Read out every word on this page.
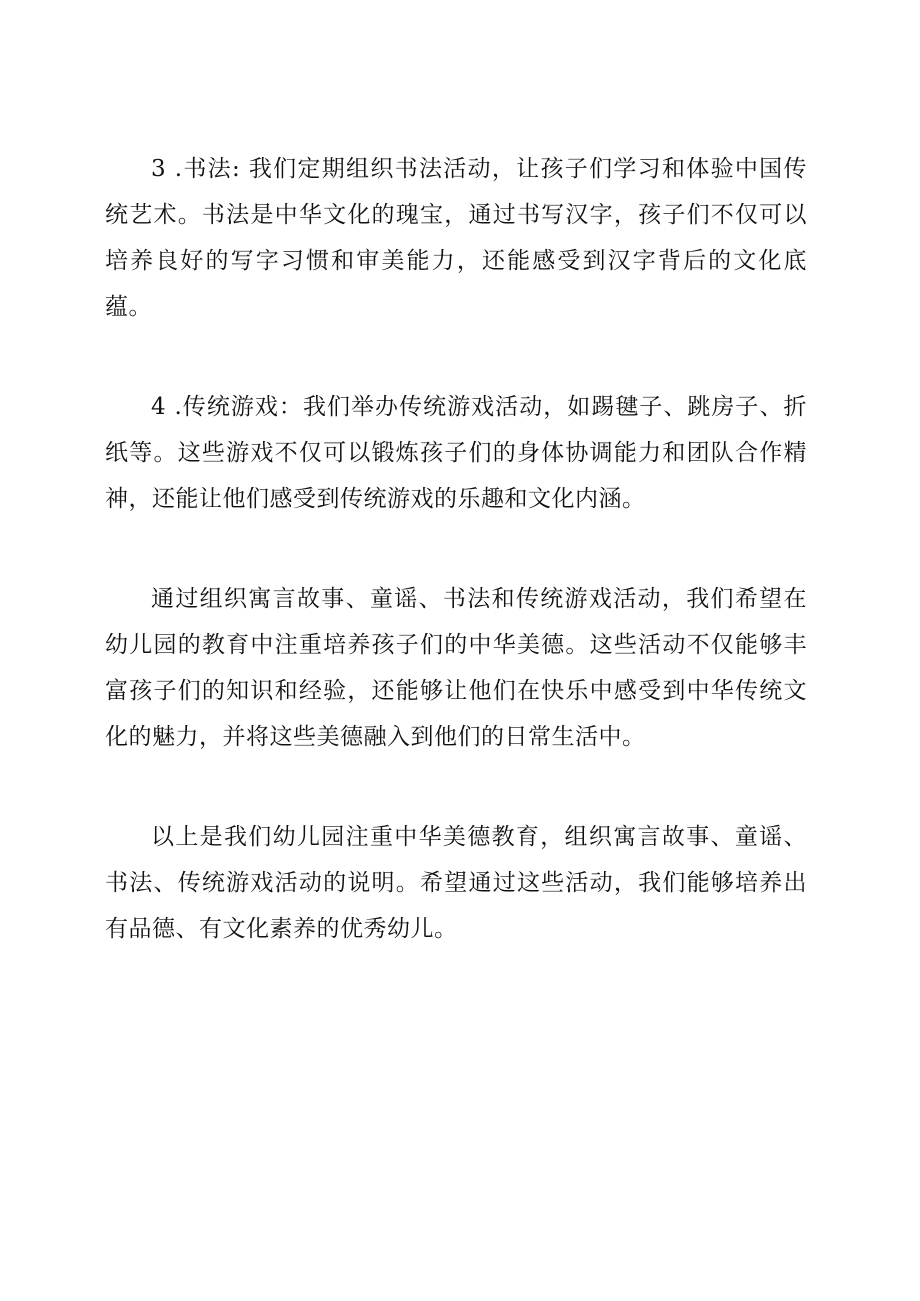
3 .书法: 我们定期组织书法活动，让孩子们学习和体验中国传统艺术。书法是中华文化的瑰宝，通过书写汉字，孩子们不仅可以培养良好的写字习惯和审美能力，还能感受到汉字背后的文化底蕴。

4 .传统游戏：我们举办传统游戏活动，如踢毽子、跳房子、折纸等。这些游戏不仅可以锻炼孩子们的身体协调能力和团队合作精神，还能让他们感受到传统游戏的乐趣和文化内涵。

通过组织寓言故事、童谣、书法和传统游戏活动，我们希望在幼儿园的教育中注重培养孩子们的中华美德。这些活动不仅能够丰富孩子们的知识和经验，还能够让他们在快乐中感受到中华传统文化的魅力，并将这些美德融入到他们的日常生活中。

以上是我们幼儿园注重中华美德教育，组织寓言故事、童谣、书法、传统游戏活动的说明。希望通过这些活动，我们能够培养出有品德、有文化素养的优秀幼儿。
